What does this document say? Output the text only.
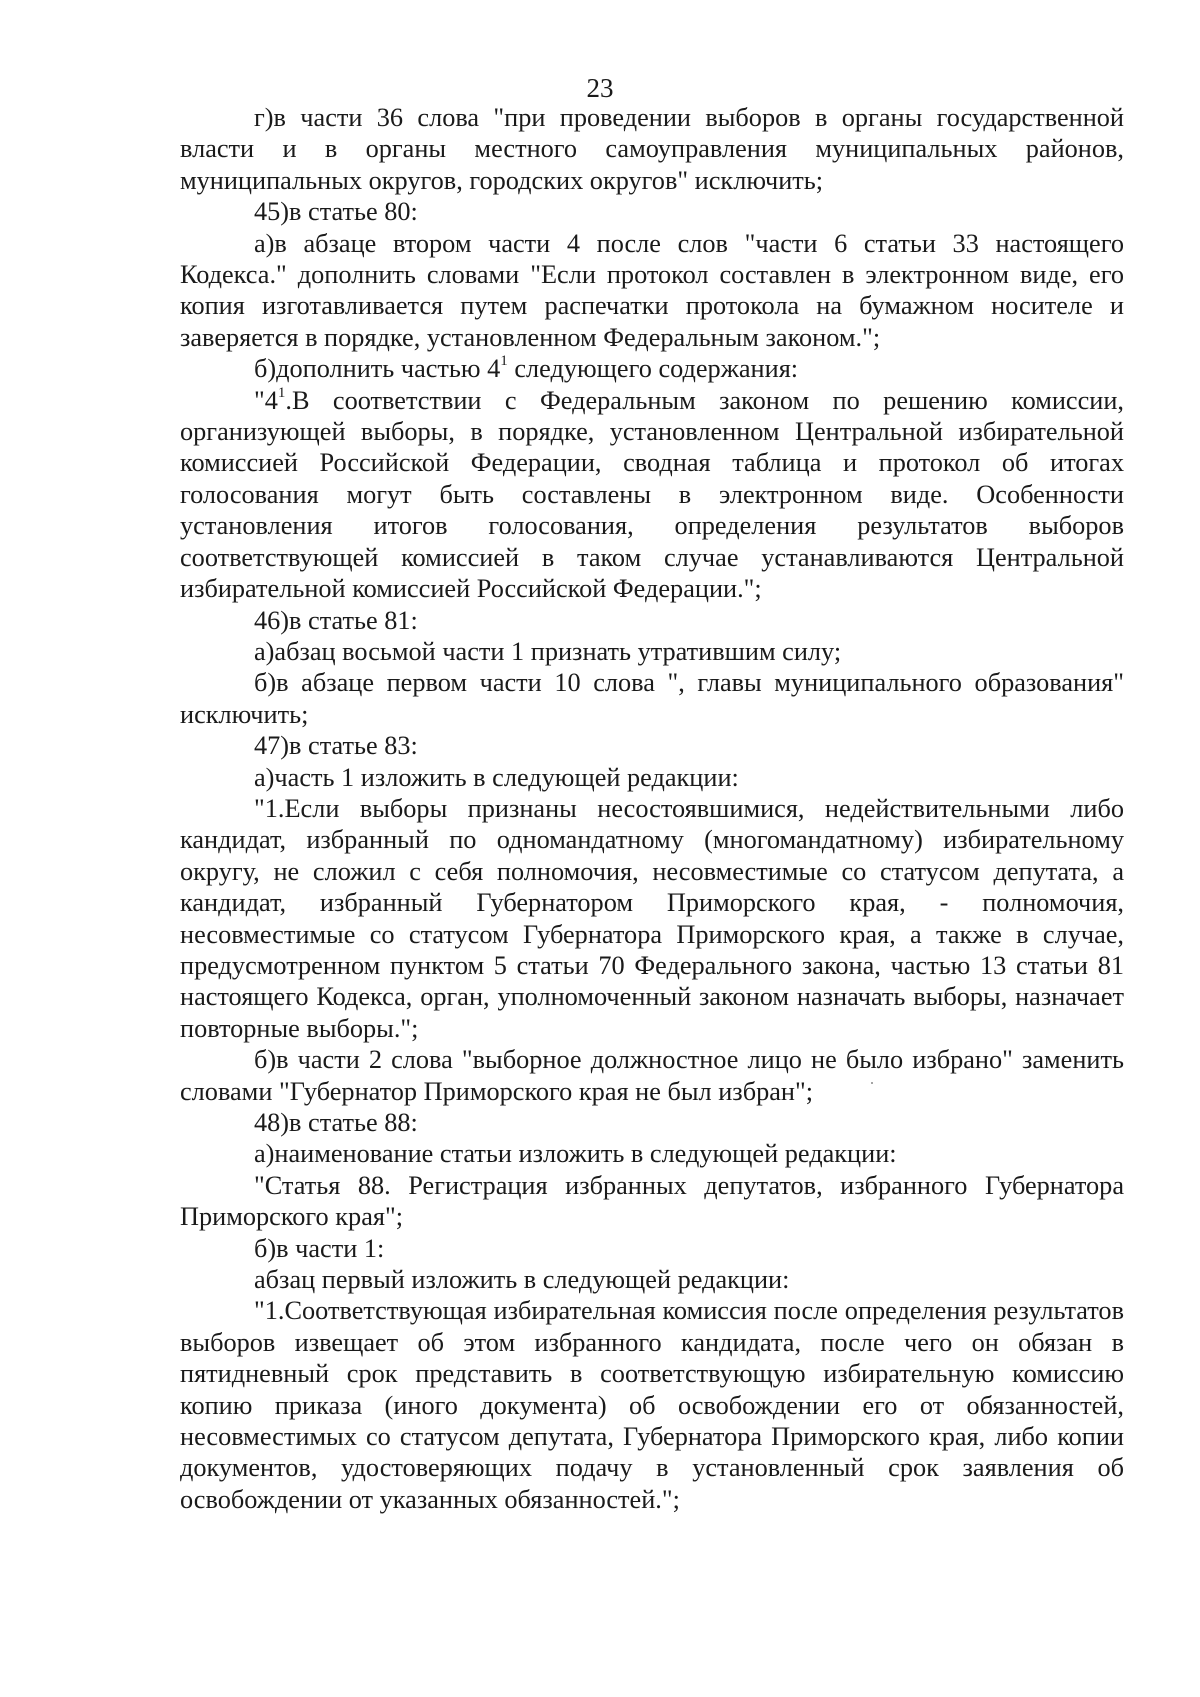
23

г)в части 36 слова "при проведении выборов в органы государственной власти и в органы местного самоуправления муниципальных районов, муниципальных округов, городских округов" исключить;

45)в статье 80:

а)в абзаце втором части 4 после слов "части 6 статьи 33 настоящего Кодекса." дополнить словами "Если протокол составлен в электронном виде, его копия изготавливается путем распечатки протокола на бумажном носителе и заверяется в порядке, установленном Федеральным законом.";

б)дополнить частью $4^1$ следующего содержания:

"$4^1.В$ соответствии с Федеральным законом по решению комиссии, организующей выборы, в порядке, установленном Центральной избирательной комиссией Российской Федерации, сводная таблица и протокол об итогах голосования могут быть составлены в электронном виде. Особенности установления итогов голосования, определения результатов выборов соответствующей комиссией в таком случае устанавливаются Центральной избирательной комиссией Российской Федерации.";

46)в статье 81:

а)абзац восьмой части 1 признать утратившим силу;

б)в абзаце первом части 10 слова ", главы муниципального образования" исключить;

47)в статье 83:

а)часть 1 изложить в следующей редакции:

"1.Если выборы признаны несостоявшимися, недействительными либо кандидат, избранный по одномандатному (многомандатному) избирательному округу, не сложил с себя полномочия, несовместимые со статусом депутата, а кандидат, избранный Губернатором Приморского края, - полномочия, несовместимые со статусом Губернатора Приморского края, а также в случае, предусмотренном пунктом 5 статьи 70 Федерального закона, частью 13 статьи 81 настоящего Кодекса, орган, уполномоченный законом назначать выборы, назначает повторные выборы.";

б)в части 2 слова "выборное должностное лицо не было избрано" заменить словами "Губернатор Приморского края не был избран";

48)в статье 88:

а)наименование статьи изложить в следующей редакции:

"Статья 88. Регистрация избранных депутатов, избранного Губернатора Приморского края";

б)в части 1:

абзац первый изложить в следующей редакции:

"1.Соответствующая избирательная комиссия после определения результатов выборов извещает об этом избранного кандидата, после чего он обязан в пятидневный срок представить в соответствующую избирательную комиссию копию приказа (иного документа) об освобождении его от обязанностей, несовместимых со статусом депутата, Губернатора Приморского края, либо копии документов, удостоверяющих подачу в установленный срок заявления об освобождении от указанных обязанностей.";
